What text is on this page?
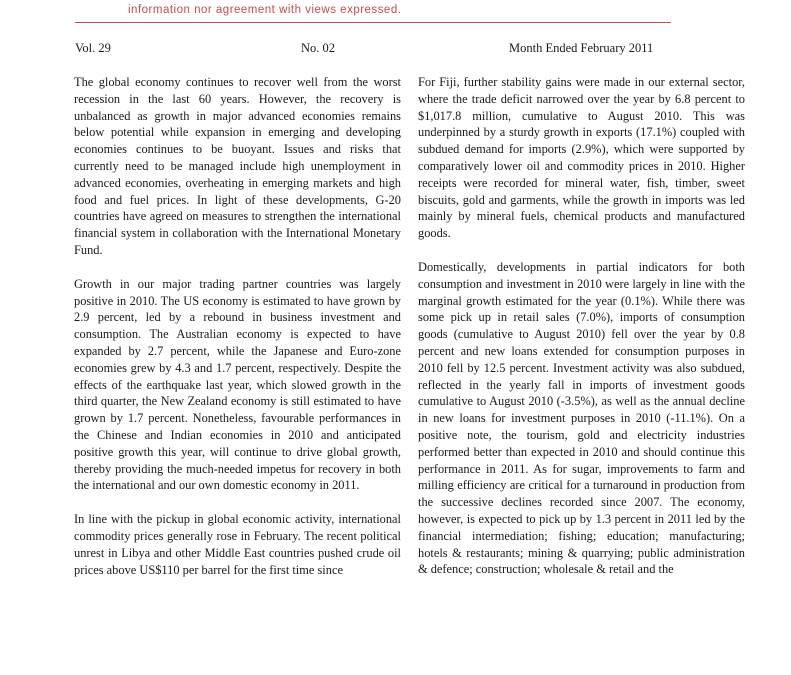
information nor agreement with views expressed.
Vol. 29	No. 02	Month Ended February 2011

The global economy continues to recover well from the worst recession in the last 60 years. However, the recovery is unbalanced as growth in major advanced economies remains below potential while expansion in emerging and developing economies continues to be buoyant. Issues and risks that currently need to be managed include high unemployment in advanced economies, overheating in emerging markets and high food and fuel prices. In light of these developments, G-20 countries have agreed on measures to strengthen the international financial system in collaboration with the International Monetary Fund.

Growth in our major trading partner countries was largely positive in 2010. The US economy is estimated to have grown by 2.9 percent, led by a rebound in business investment and consumption. The Australian economy is expected to have expanded by 2.7 percent, while the Japanese and Euro-zone economies grew by 4.3 and 1.7 percent, respectively. Despite the effects of the earthquake last year, which slowed growth in the third quarter, the New Zealand economy is still estimated to have grown by 1.7 percent. Nonetheless, favourable performances in the Chinese and Indian economies in 2010 and anticipated positive growth this year, will continue to drive global growth, thereby providing the much-needed impetus for recovery in both the international and our own domestic economy in 2011.

In line with the pickup in global economic activity, international commodity prices generally rose in February. The recent political unrest in Libya and other Middle East countries pushed crude oil prices above US$110 per barrel for the first time since

For Fiji, further stability gains were made in our external sector, where the trade deficit narrowed over the year by 6.8 percent to $1,017.8 million, cumulative to August 2010. This was underpinned by a sturdy growth in exports (17.1%) coupled with subdued demand for imports (2.9%), which were supported by comparatively lower oil and commodity prices in 2010. Higher receipts were recorded for mineral water, fish, timber, sweet biscuits, gold and garments, while the growth in imports was led mainly by mineral fuels, chemical products and manufactured goods.

Domestically, developments in partial indicators for both consumption and investment in 2010 were largely in line with the marginal growth estimated for the year (0.1%). While there was some pick up in retail sales (7.0%), imports of consumption goods (cumulative to August 2010) fell over the year by 0.8 percent and new loans extended for consumption purposes in 2010 fell by 12.5 percent. Investment activity was also subdued, reflected in the yearly fall in imports of investment goods cumulative to August 2010 (-3.5%), as well as the annual decline in new loans for investment purposes in 2010 (-11.1%). On a positive note, the tourism, gold and electricity industries performed better than expected in 2010 and should continue this performance in 2011. As for sugar, improvements to farm and milling efficiency are critical for a turnaround in production from the successive declines recorded since 2007. The economy, however, is expected to pick up by 1.3 percent in 2011 led by the financial intermediation; fishing; education; manufacturing; hotels & restaurants; mining & quarrying; public administration & defence; construction; wholesale & retail and the
